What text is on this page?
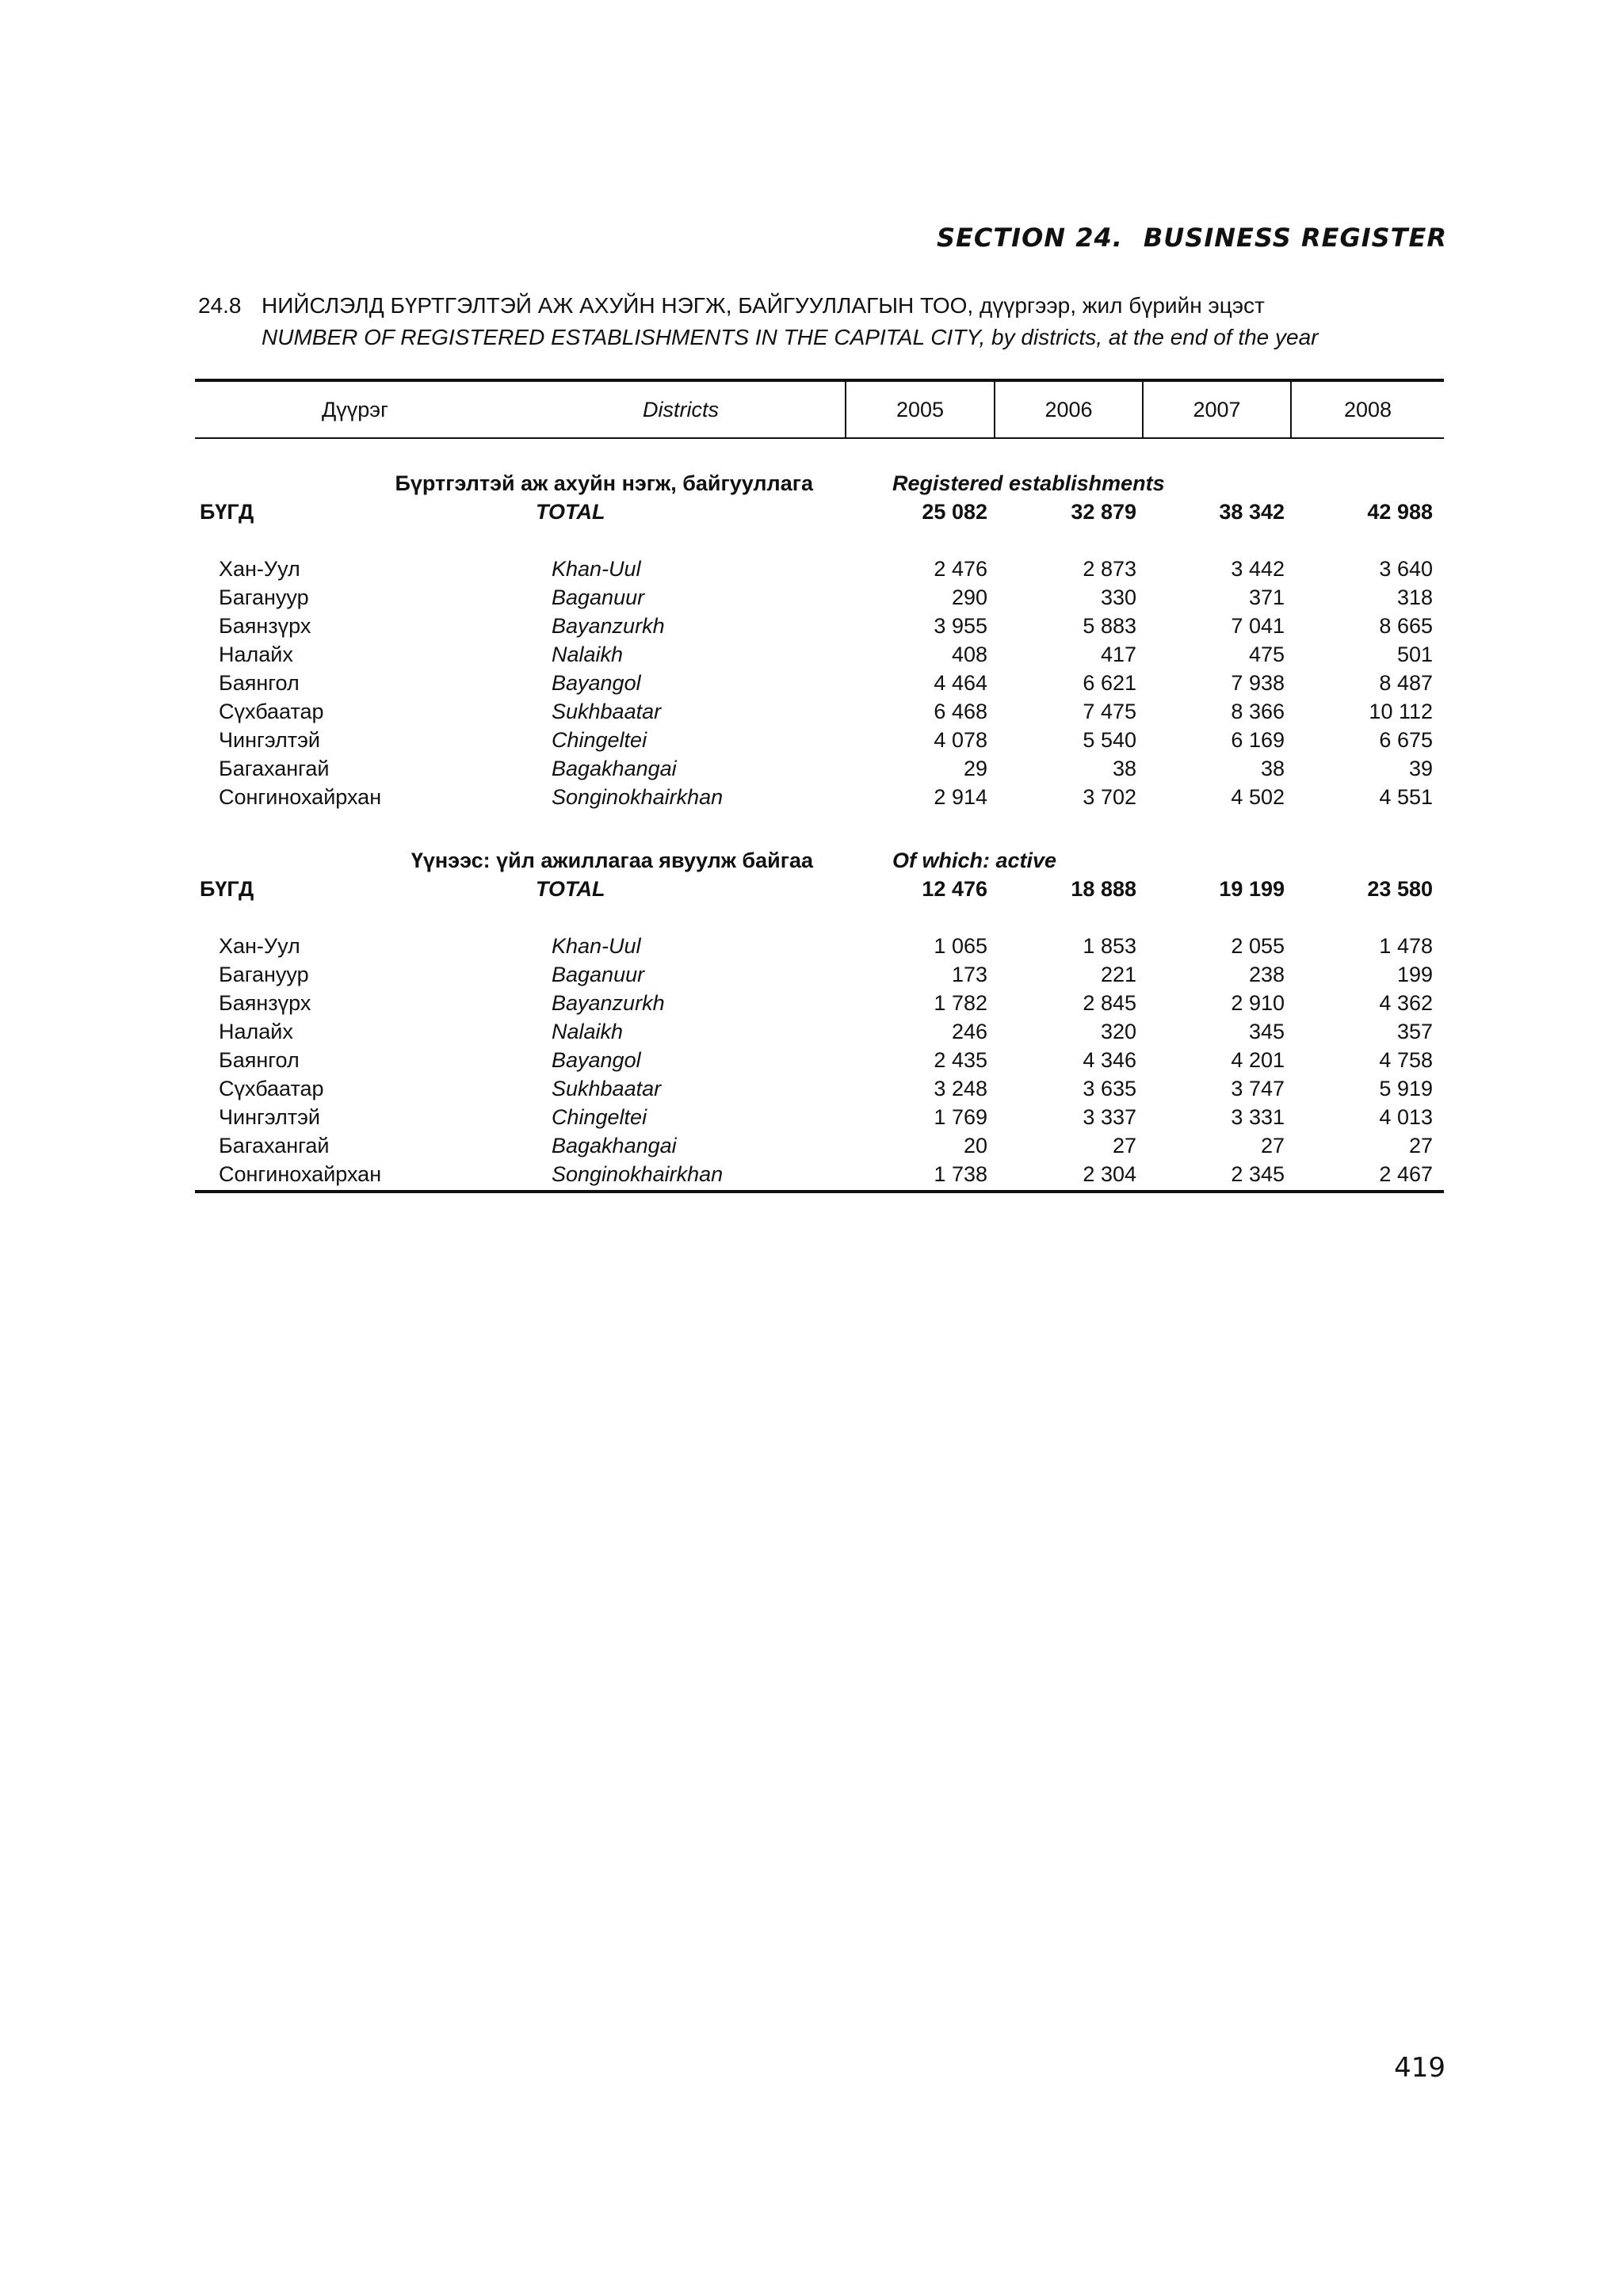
SECTION 24. BUSINESS REGISTER
24.8 НИЙСЛЭЛД БҮРТГЭЛТЭЙ АЖ АХУЙН НЭГЖ, БАЙГУУЛЛАГЫН ТОО, дүүргээр, жил бүрийн эцэст
NUMBER OF REGISTERED ESTABLISHMENTS IN THE CAPITAL CITY, by districts, at the end of the year
Дүүрэг	Districts	2005	2006	2007	2008
Бүртгэлтэй аж ахуйн нэгж, байгууллага	Registered establishments
БҮГД	TOTAL	25 082	32 879	38 342	42 988
Хан-Уул	Khan-Uul	2 476	2 873	3 442	3 640
Багануур	Baganuur	290	330	371	318
Баянзүрх	Bayanzurkh	3 955	5 883	7 041	8 665
Налайх	Nalaikh	408	417	475	501
Баянгол	Bayangol	4 464	6 621	7 938	8 487
Сүхбаатар	Sukhbaatar	6 468	7 475	8 366	10 112
Чингэлтэй	Chingeltei	4 078	5 540	6 169	6 675
Багахангай	Bagakhangai	29	38	38	39
Сонгинохайрхан	Songinokhairkhan	2 914	3 702	4 502	4 551
Үүнээс: үйл ажиллагаа явуулж байгаа	Of which: active
БҮГД	TOTAL	12 476	18 888	19 199	23 580
Хан-Уул	Khan-Uul	1 065	1 853	2 055	1 478
Багануур	Baganuur	173	221	238	199
Баянзүрх	Bayanzurkh	1 782	2 845	2 910	4 362
Налайх	Nalaikh	246	320	345	357
Баянгол	Bayangol	2 435	4 346	4 201	4 758
Сүхбаатар	Sukhbaatar	3 248	3 635	3 747	5 919
Чингэлтэй	Chingeltei	1 769	3 337	3 331	4 013
Багахангай	Bagakhangai	20	27	27	27
Сонгинохайрхан	Songinokhairkhan	1 738	2 304	2 345	2 467
419
